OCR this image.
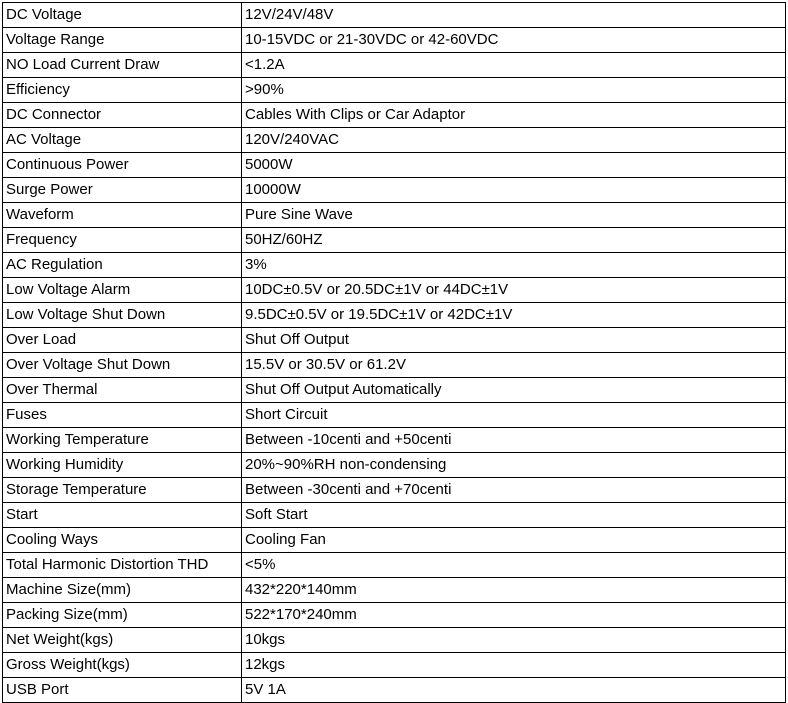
DC Voltage	12V/24V/48V
Voltage Range	10-15VDC or 21-30VDC or 42-60VDC
NO Load Current Draw	<1.2A
Efficiency	>90%
DC Connector	Cables With Clips or Car Adaptor
AC Voltage	120V/240VAC
Continuous Power	5000W
Surge Power	10000W
Waveform	Pure Sine Wave
Frequency	50HZ/60HZ
AC Regulation	3%
Low Voltage Alarm	10DC±0.5V or 20.5DC±1V or 44DC±1V
Low Voltage Shut Down	9.5DC±0.5V or 19.5DC±1V or 42DC±1V
Over Load	Shut Off Output
Over Voltage Shut Down	15.5V or 30.5V or 61.2V
Over Thermal	Shut Off Output Automatically
Fuses	Short Circuit
Working Temperature	Between -10centi and +50centi
Working Humidity	20%~90%RH non-condensing
Storage Temperature	Between -30centi and +70centi
Start	Soft Start
Cooling Ways	Cooling Fan
Total Harmonic Distortion THD	<5%
Machine Size(mm)	432*220*140mm
Packing Size(mm)	522*170*240mm
Net Weight(kgs)	10kgs
Gross Weight(kgs)	12kgs
USB Port	5V 1A
